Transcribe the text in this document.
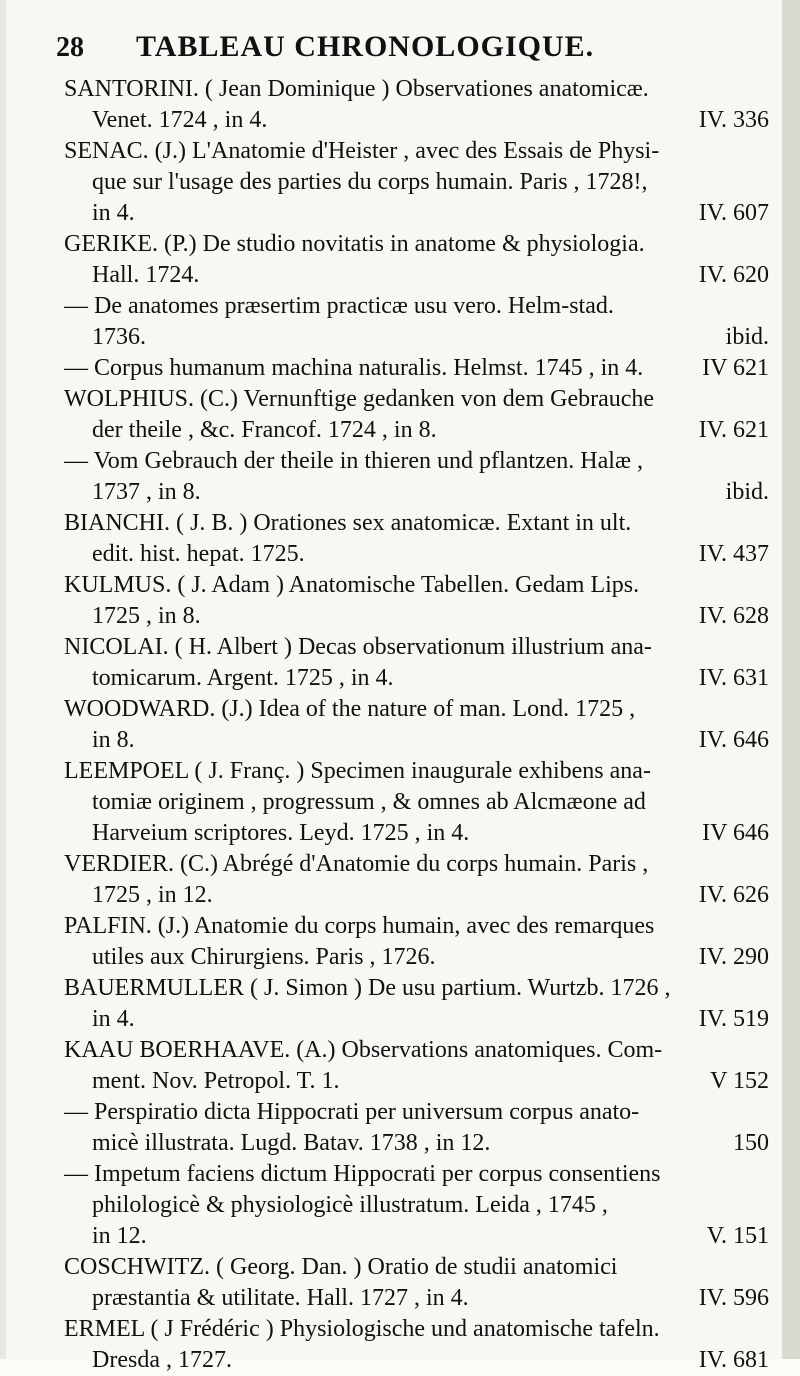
28	TABLEAU CHRONOLOGIQUE.
SANTORINI. ( Jean Dominique ) Observationes anatomicæ.
Venet. 1724 , in 4.	IV. 336
SENAC. (J.) L'Anatomie d'Heister , avec des Essais de Physi-
que sur l'usage des parties du corps humain. Paris , 1728!,
in 4.	IV. 607
GERIKE. (P.) De studio novitatis in anatome & physiologia.
Hall. 1724.	IV. 620
— De anatomes præsertim practicæ usu vero. Helm-stad.
1736.	ibid.
— Corpus humanum machina naturalis. Helmst. 1745 , in 4. IV 621
WOLPHIUS. (C.) Vernunftige gedanken von dem Gebrauche
der theile , &c. Francof. 1724 , in 8.	IV. 621
— Vom Gebrauch der theile in thieren und pflantzen. Halæ ,
1737 , in 8.	ibid.
BIANCHI. ( J. B. ) Orationes sex anatomicæ. Extant in ult.
edit. hist. hepat. 1725.	IV. 437
KULMUS. ( J. Adam ) Anatomische Tabellen. Gedam Lips.
1725 , in 8.	IV. 628
NICOLAI. ( H. Albert ) Decas observationum illustrium ana-
tomicarum. Argent. 1725 , in 4.	IV. 631
WOODWARD. (J.) Idea of the nature of man. Lond. 1725 ,
in 8.	IV. 646
LEEMPOEL ( J. Franç. ) Specimen inaugurale exhibens ana-
tomiæ originem , progressum , & omnes ab Alcmæone ad
Harveium scriptores. Leyd. 1725 , in 4.	IV 646
VERDIER. (C.) Abrégé d'Anatomie du corps humain. Paris ,
1725 , in 12.	IV. 626
PALFIN. (J.) Anatomie du corps humain, avec des remarques
utiles aux Chirurgiens. Paris , 1726.	IV. 290
BAUERMULLER ( J. Simon ) De usu partium. Wurtzb. 1726 ,
in 4.	IV. 519
KAAU BOERHAAVE. (A.) Observations anatomiques. Com-
ment. Nov. Petropol. T. 1.	V 152
— Perspiratio dicta Hippocrati per universum corpus anato-
micè illustrata. Lugd. Batav. 1738 , in 12.	150
— Impetum faciens dictum Hippocrati per corpus consentiens
philologicè & physiologicè illustratum. Leida , 1745 ,
in 12.	V. 151
COSCHWITZ. ( Georg. Dan. ) Oratio de studii anatomici
præstantia & utilitate. Hall. 1727 , in 4.	IV. 596
ERMEL ( J Frédéric ) Physiologische und anatomische tafeln.
Dresda , 1727.	IV. 681
